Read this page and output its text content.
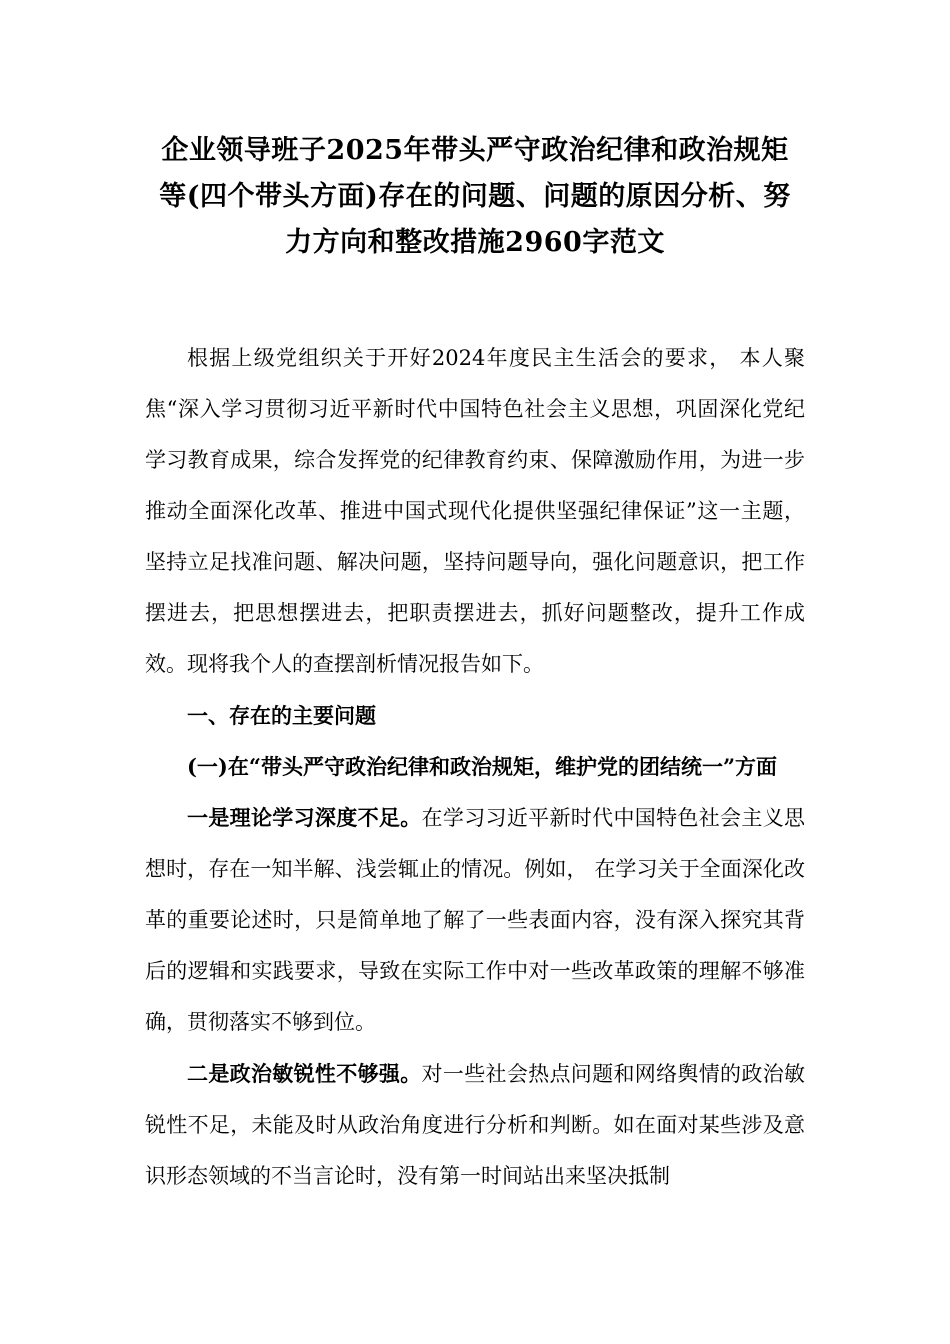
企业领导班子2025年带头严守政治纪律和政治规矩
等(四个带头方面)存在的问题、问题的原因分析、努
力方向和整改措施2960字范文

根据上级党组织关于开好2024年度民主生活会的要求， 本人聚焦“深入学习贯彻习近平新时代中国特色社会主义思想，巩固深化党纪学习教育成果，综合发挥党的纪律教育约束、保障激励作用，为进一步推动全面深化改革、推进中国式现代化提供坚强纪律保证”这一主题，坚持立足找准问题、解决问题，坚持问题导向，强化问题意识，把工作摆进去，把思想摆进去，把职责摆进去，抓好问题整改，提升工作成效。现将我个人的查摆剖析情况报告如下。

一、存在的主要问题

(一)在“带头严守政治纪律和政治规矩，维护党的团结统一”方面

一是理论学习深度不足。在学习习近平新时代中国特色社会主义思想时，存在一知半解、浅尝辄止的情况。例如， 在学习关于全面深化改革的重要论述时，只是简单地了解了一些表面内容，没有深入探究其背后的逻辑和实践要求，导致在实际工作中对一些改革政策的理解不够准确，贯彻落实不够到位。

二是政治敏锐性不够强。对一些社会热点问题和网络舆情的政治敏锐性不足，未能及时从政治角度进行分析和判断。如在面对某些涉及意识形态领域的不当言论时，没有第一时间站出来坚决抵制
